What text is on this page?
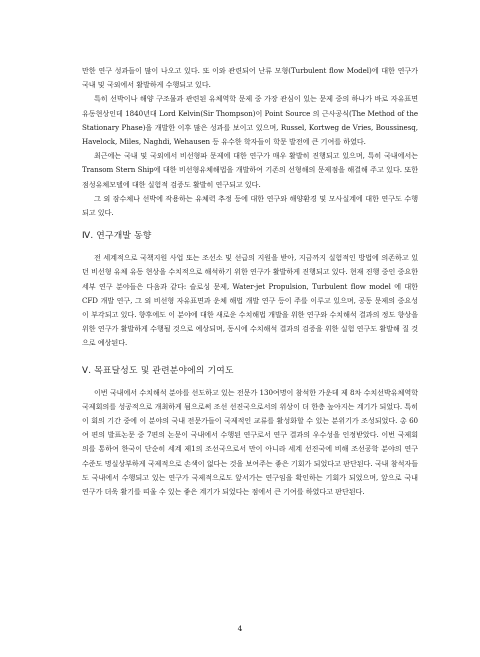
만한 연구 성과들이 많이 나오고 있다. 또 이와 관련되어 난류 모형(Turbulent flow Model)에 대한 연구가 국내 및 국외에서 활발하게 수행되고 있다.

특히 선박이나 해양 구조물과 관련된 유체역학 문제 중 가장 관심이 있는 문제 중의 하나가 바로 자유표면 유동현상인데 1840년대 Lord Kelvin(Sir Thompson)이 Point Source 의 근사공식(The Method of the Stationary Phase)을 개발한 이후 많은 성과를 보이고 있으며, Russel, Kortweg de Vries, Boussinesq, Havelock, Miles, Naghdi, Wehausen 등 유수한 학자들이 학문 발전에 큰 기여를 하였다.

최근에는 국내 및 국외에서 비선형파 문제에 대한 연구가 매우 활발히 진행되고 있으며, 특히 국내에서는 Transom Stern Ship에 대한 비선형유체해법을 개발하여 기존의 선형해의 문제점을 해결해 주고 있다. 또한 점성유체모델에 대한 실험적 검증도 활발히 연구되고 있다.

그 외 잠수체나 선박에 작용하는 유체력 추정 등에 대한 연구와 해양환경 및 모사실계에 대한 연구도 수행되고 있다.

Ⅳ. 연구개발 동향

전 세계적으로 국책지원 사업 또는 조선소 및 선급의 지원을 받아, 지금까지 실험적인 방법에 의존하고 있던 비선형 유체 유동 현상을 수치적으로 해석하기 위한 연구가 활발하게 진행되고 있다. 현재 진행 중인 중요한 세부 연구 분야들은 다음과 같다: 슬로싱 문제, Water-jet Propulsion, Turbulent flow model 에 대한 CFD 개발 연구, 그 외 비선형 자유표면과 운체 해법 개발 연구 등이 주를 이루고 있으며, 공동 문제의 중요성이 부각되고 있다. 향후에도 이 분야에 대한 새로운 수치해법 개발을 위한 연구와 수치해석 결과의 정도 향상을 위한 연구가 활발하게 수행될 것으로 예상되며, 동시에 수치해석 결과의 검증을 위한 실험 연구도 활발해 질 것으로 예상된다.

Ⅴ. 목표달성도 및 관련분야에의 기여도

이번 국내에서 수치해석 분야를 선도하고 있는 전문가 130여명이 참석한 가운데 제 8차 수치선박유체역학 국제회의를 성공적으로 개최하게 됨으로써 조선 선진국으로서의 위상이 더 한층 높아지는 계기가 되었다. 특히 이 회의 기간 중에 이 분야의 국내 전문가들이 국제적인 교류를 활성화할 수 있는 분위기가 조성되었다. 총 60여 편의 발표논문 중 7편의 논문이 국내에서 수행된 연구로서 연구 결과의 우수성을 인정받았다. 이번 국제회의를 통하여 한국이 단순히 세계 제1의 조선국으로서 만이 아니라 세계 선진국에 비해 조선공학 분야의 연구 수준도 명실상부하게 국제적으로 손색이 없다는 것을 보여주는 좋은 기회가 되었다고 판단된다. 국내 참석자들도 국내에서 수행되고 있는 연구가 국제적으로도 앞서가는 연구임을 확인하는 기회가 되었으며, 앞으로 국내 연구가 더욱 활기를 띠울 수 있는 좋은 계기가 되었다는 점에서 큰 기여를 하였다고 판단된다.

4
